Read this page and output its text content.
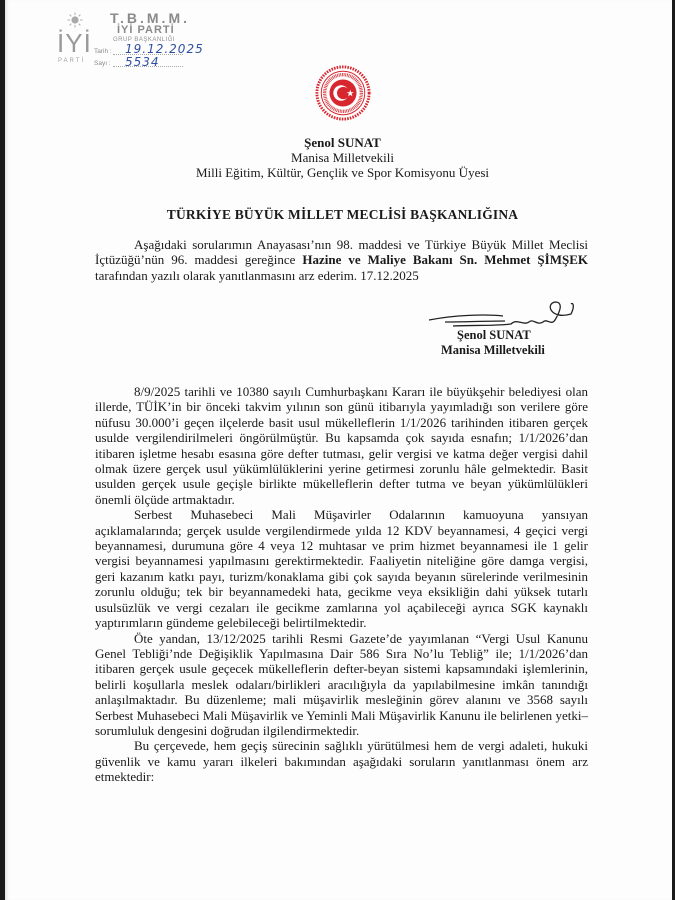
İYİ
PARTİ
T.B.M.M.
İYİ PARTİ
GRUP BAŞKANLIĞI
Tarih : 19.12.2025
Sayı : 5534
Şenol SUNAT
Manisa Milletvekili
Milli Eğitim, Kültür, Gençlik ve Spor Komisyonu Üyesi
TÜRKİYE BÜYÜK MİLLET MECLİSİ BAŞKANLIĞINA

Aşağıdaki sorularımın Anayasası’nın 98. maddesi ve Türkiye Büyük Millet Meclisi İçtüzüğü’nün 96. maddesi gereğince Hazine ve Maliye Bakanı Sn. Mehmet ŞİMŞEK tarafından yazılı olarak yanıtlanmasını arz ederim. 17.12.2025

Şenol SUNAT
Manisa Milletvekili

8/9/2025 tarihli ve 10380 sayılı Cumhurbaşkanı Kararı ile büyükşehir belediyesi olan illerde, TÜİK’in bir önceki takvim yılının son günü itibarıyla yayımladığı son verilere göre nüfusu 30.000’i geçen ilçelerde basit usul mükelleflerin 1/1/2026 tarihinden itibaren gerçek usulde vergilendirilmeleri öngörülmüştür. Bu kapsamda çok sayıda esnafın; 1/1/2026’dan itibaren işletme hesabı esasına göre defter tutması, gelir vergisi ve katma değer vergisi dahil olmak üzere gerçek usul yükümlülüklerini yerine getirmesi zorunlu hâle gelmektedir. Basit usulden gerçek usule geçişle birlikte mükelleflerin defter tutma ve beyan yükümlülükleri önemli ölçüde artmaktadır.

Serbest Muhasebeci Mali Müşavirler Odalarının kamuoyuna yansıyan açıklamalarında; gerçek usulde vergilendirmede yılda 12 KDV beyannamesi, 4 geçici vergi beyannamesi, durumuna göre 4 veya 12 muhtasar ve prim hizmet beyannamesi ile 1 gelir vergisi beyannamesi yapılmasını gerektirmektedir. Faaliyetin niteliğine göre damga vergisi, geri kazanım katkı payı, turizm/konaklama gibi çok sayıda beyanın sürelerinde verilmesinin zorunlu olduğu; tek bir beyannamedeki hata, gecikme veya eksikliğin dahi yüksek tutarlı usulsüzlük ve vergi cezaları ile gecikme zamlarına yol açabileceği ayrıca SGK kaynaklı yaptırımların gündeme gelebileceği belirtilmektedir.

Öte yandan, 13/12/2025 tarihli Resmi Gazete’de yayımlanan “Vergi Usul Kanunu Genel Tebliği’nde Değişiklik Yapılmasına Dair 586 Sıra No’lu Tebliğ” ile; 1/1/2026’dan itibaren gerçek usule geçecek mükelleflerin defter-beyan sistemi kapsamındaki işlemlerinin, belirli koşullarla meslek odaları/birlikleri aracılığıyla da yapılabilmesine imkân tanındığı anlaşılmaktadır. Bu düzenleme; mali müşavirlik mesleğinin görev alanını ve 3568 sayılı Serbest Muhasebeci Mali Müşavirlik ve Yeminli Mali Müşavirlik Kanunu ile belirlenen yetki–sorumluluk dengesini doğrudan ilgilendirmektedir.

Bu çerçevede, hem geçiş sürecinin sağlıklı yürütülmesi hem de vergi adaleti, hukuki güvenlik ve kamu yararı ilkeleri bakımından aşağıdaki soruların yanıtlanması önem arz etmektedir:
